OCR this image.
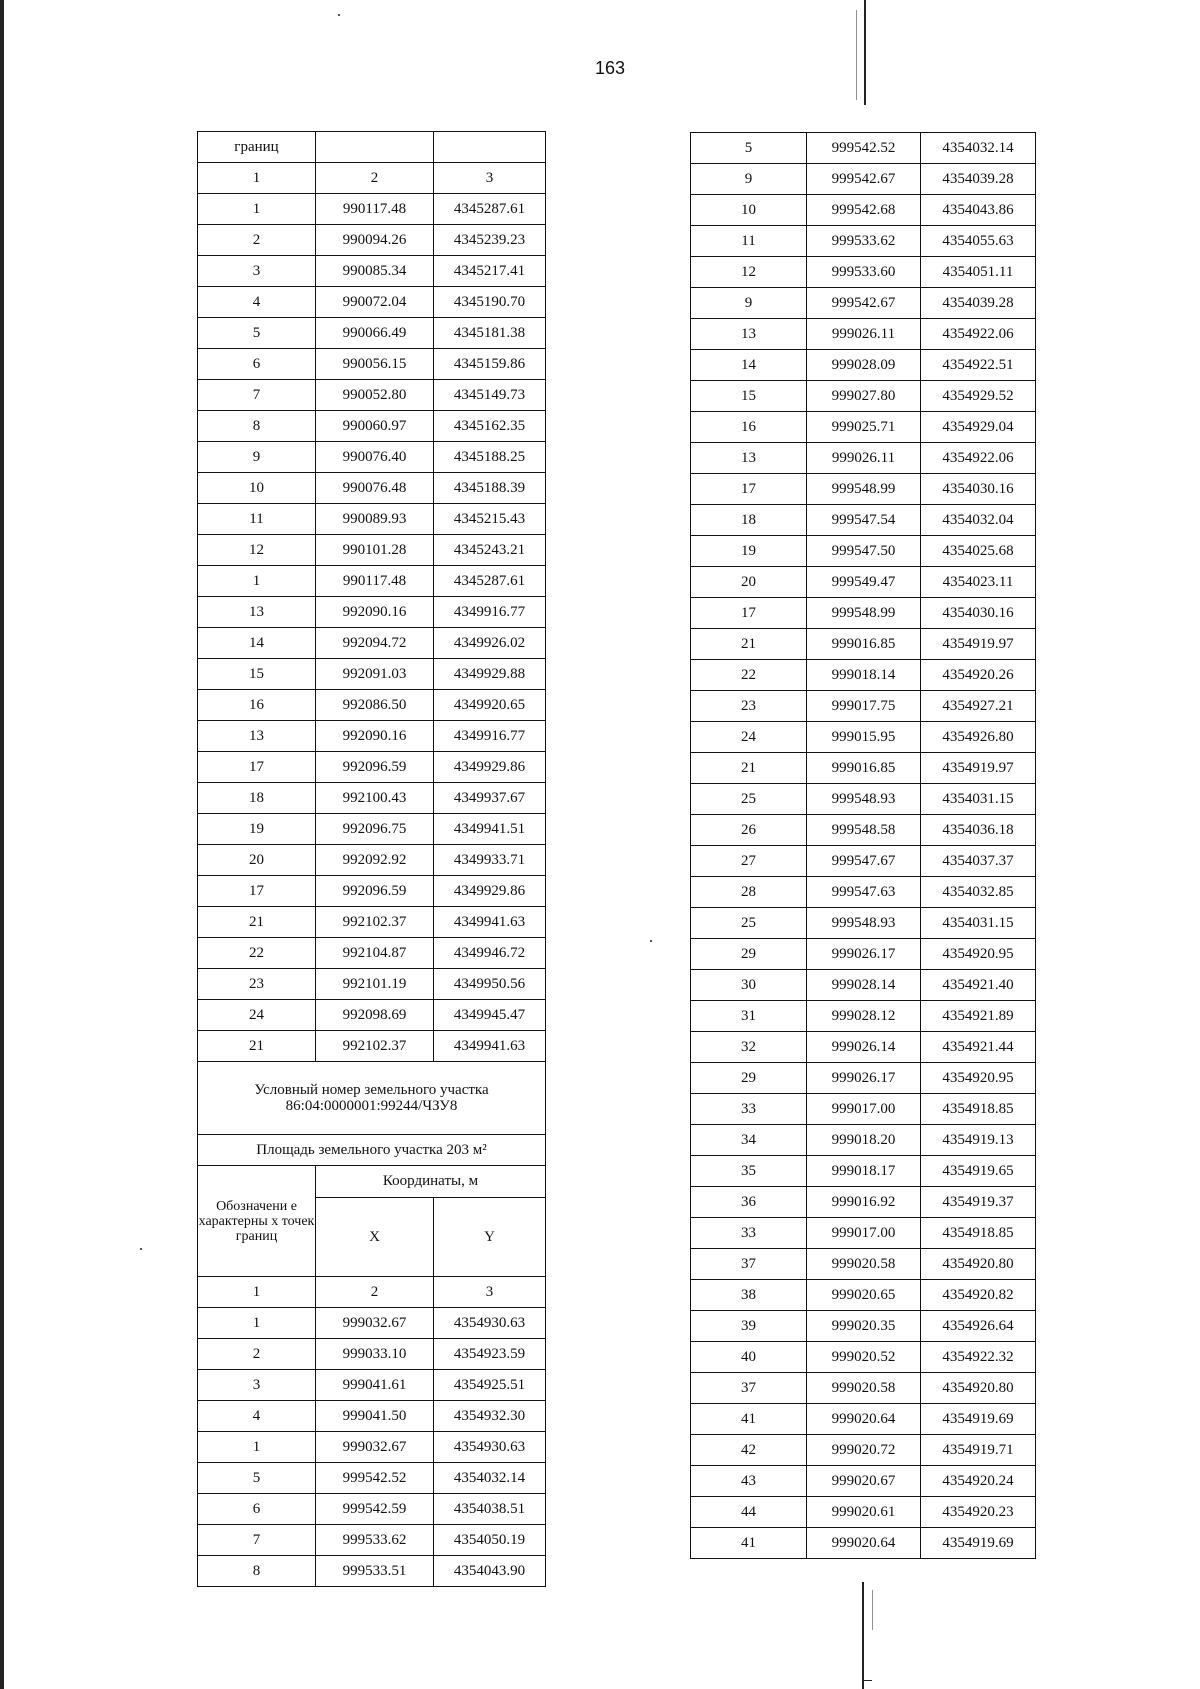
163
границ		
1	2	3
1	990117.48	4345287.61
2	990094.26	4345239.23
3	990085.34	4345217.41
4	990072.04	4345190.70
5	990066.49	4345181.38
6	990056.15	4345159.86
7	990052.80	4345149.73
8	990060.97	4345162.35
9	990076.40	4345188.25
10	990076.48	4345188.39
11	990089.93	4345215.43
12	990101.28	4345243.21
1	990117.48	4345287.61
13	992090.16	4349916.77
14	992094.72	4349926.02
15	992091.03	4349929.88
16	992086.50	4349920.65
13	992090.16	4349916.77
17	992096.59	4349929.86
18	992100.43	4349937.67
19	992096.75	4349941.51
20	992092.92	4349933.71
17	992096.59	4349929.86
21	992102.37	4349941.63
22	992104.87	4349946.72
23	992101.19	4349950.56
24	992098.69	4349945.47
21	992102.37	4349941.63

Условный номер земельного участка
86:04:0000001:99244/ЧЗУ8		

Площадь земельного участка 203 м²		
Обозначени е характерны х точек границ	Координаты, м	
	X	Y
1	2	3
1	999032.67	4354930.63
2	999033.10	4354923.59
3	999041.61	4354925.51
4	999041.50	4354932.30
1	999032.67	4354930.63
5	999542.52	4354032.14
6	999542.59	4354038.51
7	999533.62	4354050.19
8	999533.51	4354043.90
5	999542.52	4354032.14
9	999542.67	4354039.28
10	999542.68	4354043.86
11	999533.62	4354055.63
12	999533.60	4354051.11
9	999542.67	4354039.28
13	999026.11	4354922.06
14	999028.09	4354922.51
15	999027.80	4354929.52
16	999025.71	4354929.04
13	999026.11	4354922.06
17	999548.99	4354030.16
18	999547.54	4354032.04
19	999547.50	4354025.68
20	999549.47	4354023.11
17	999548.99	4354030.16
21	999016.85	4354919.97
22	999018.14	4354920.26
23	999017.75	4354927.21
24	999015.95	4354926.80
21	999016.85	4354919.97
25	999548.93	4354031.15
26	999548.58	4354036.18
27	999547.67	4354037.37
28	999547.63	4354032.85
25	999548.93	4354031.15
29	999026.17	4354920.95
30	999028.14	4354921.40
31	999028.12	4354921.89
32	999026.14	4354921.44
29	999026.17	4354920.95
33	999017.00	4354918.85
34	999018.20	4354919.13
35	999018.17	4354919.65
36	999016.92	4354919.37
33	999017.00	4354918.85
37	999020.58	4354920.80
38	999020.65	4354920.82
39	999020.35	4354926.64
40	999020.52	4354922.32
37	999020.58	4354920.80
41	999020.64	4354919.69
42	999020.72	4354919.71
43	999020.67	4354920.24
44	999020.61	4354920.23
41	999020.64	4354919.69
